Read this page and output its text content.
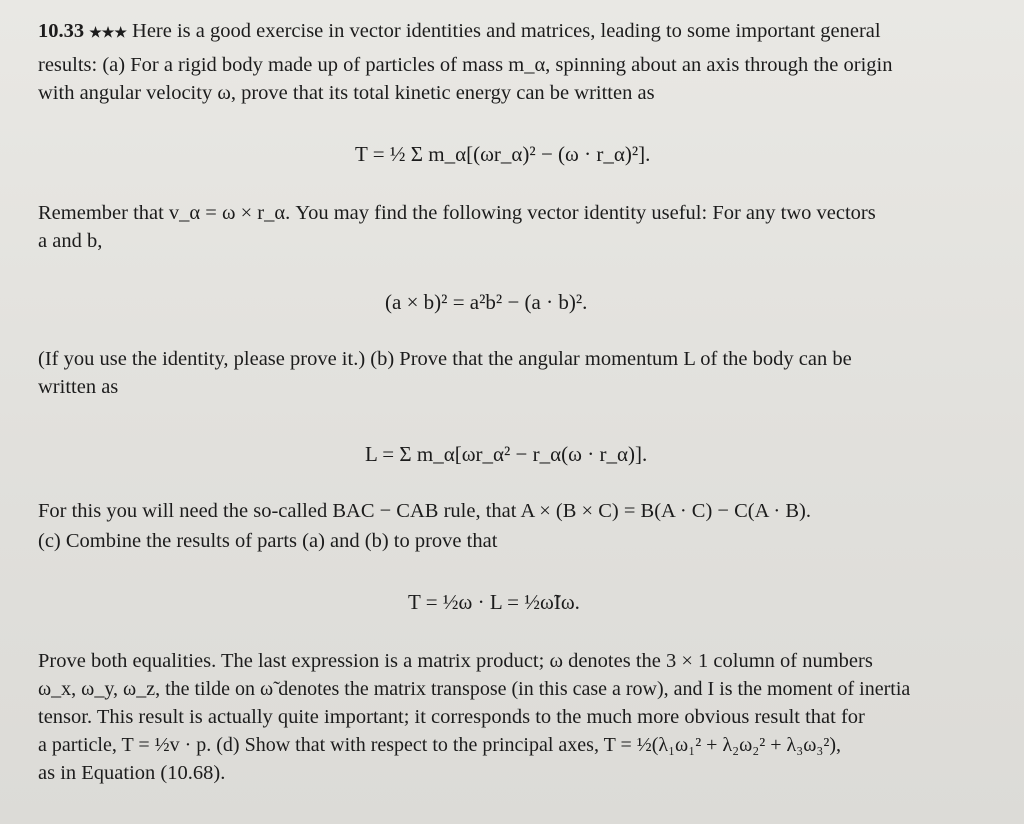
10.33 ★★★ Here is a good exercise in vector identities and matrices, leading to some important general
results: (a) For a rigid body made up of particles of mass m_α, spinning about an axis through the origin
with angular velocity ω, prove that its total kinetic energy can be written as
T = ½ Σ m_α[(ωr_α)² − (ω · r_α)²].
Remember that v_α = ω × r_α. You may find the following vector identity useful: For any two vectors
a and b,
(a × b)² = a²b² − (a · b)².
(If you use the identity, please prove it.) (b) Prove that the angular momentum L of the body can be
written as
L = Σ m_α[ωr_α² − r_α(ω · r_α)].
For this you will need the so-called BAC − CAB rule, that A × (B × C) = B(A · C) − C(A · B).
(c) Combine the results of parts (a) and (b) to prove that
T = ½ω · L = ½ω̃Iω.
Prove both equalities. The last expression is a matrix product; ω denotes the 3 × 1 column of numbers
ω_x, ω_y, ω_z, the tilde on ω̃ denotes the matrix transpose (in this case a row), and I is the moment of inertia
tensor. This result is actually quite important; it corresponds to the much more obvious result that for
a particle, T = ½v · p. (d) Show that with respect to the principal axes, T = ½(λ₁ω₁² + λ₂ω₂² + λ₃ω₃²),
as in Equation (10.68).
